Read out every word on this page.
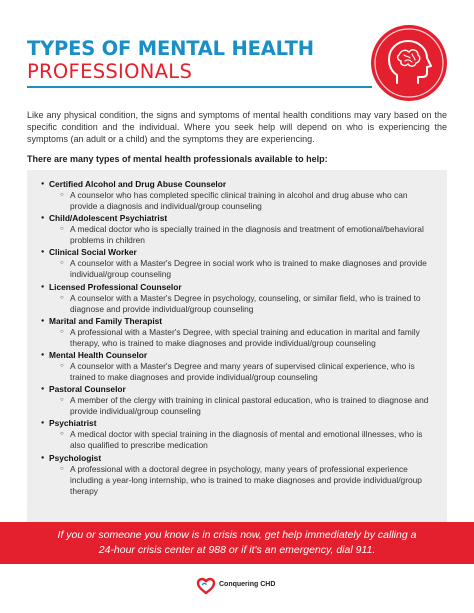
TYPES OF MENTAL HEALTH
PROFESSIONALS

Like any physical condition, the signs and symptoms of mental health conditions may vary based on the specific condition and the individual. Where you seek help will depend on who is experiencing the symptoms (an adult or a child) and the symptoms they are experiencing.

There are many types of mental health professionals available to help:

● Certified Alcohol and Drug Abuse Counselor
○ A counselor who has completed specific clinical training in alcohol and drug abuse who can provide a diagnosis and individual/group counseling
● Child/Adolescent Psychiatrist
○ A medical doctor who is specially trained in the diagnosis and treatment of emotional/behavioral problems in children
● Clinical Social Worker
○ A counselor with a Master's Degree in social work who is trained to make diagnoses and provide individual/group counseling
● Licensed Professional Counselor
○ A counselor with a Master's Degree in psychology, counseling, or similar field, who is trained to diagnose and provide individual/group counseling
● Marital and Family Therapist
○ A professional with a Master's Degree, with special training and education in marital and family therapy, who is trained to make diagnoses and provide individual/group counseling
● Mental Health Counselor
○ A counselor with a Master's Degree and many years of supervised clinical experience, who is trained to make diagnoses and provide individual/group counseling
● Pastoral Counselor
○ A member of the clergy with training in clinical pastoral education, who is trained to diagnose and provide individual/group counseling
● Psychiatrist
○ A medical doctor with special training in the diagnosis of mental and emotional illnesses, who is also qualified to prescribe medication
● Psychologist
○ A professional with a doctoral degree in psychology, many years of professional experience including a year-long internship, who is trained to make diagnoses and provide individual/group therapy
If you or someone you know is in crisis now, get help immediately by calling a
24-hour crisis center at 988 or if it's an emergency, dial 911.
Conquering CHD
